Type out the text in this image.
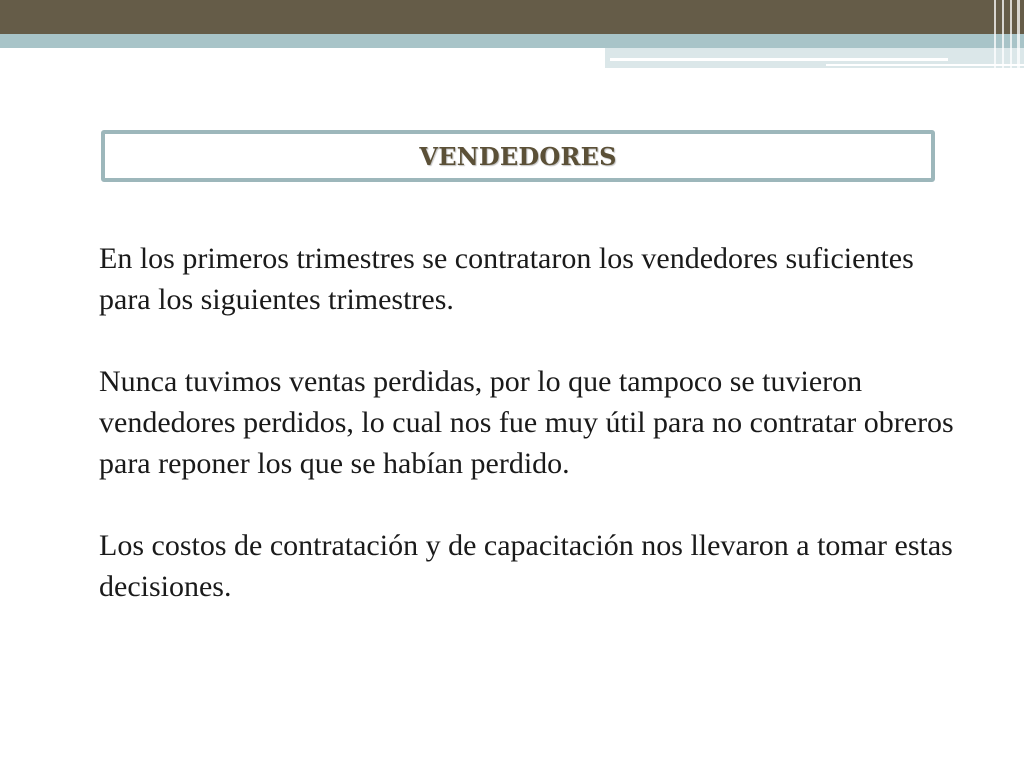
VENDEDORES

En los primeros trimestres se contrataron los vendedores suficientes para los siguientes trimestres.

Nunca tuvimos ventas perdidas, por lo que tampoco se tuvieron vendedores perdidos, lo cual nos fue muy útil para no contratar obreros para reponer los que se habían perdido.

Los costos de contratación y de capacitación nos llevaron a tomar estas decisiones.
